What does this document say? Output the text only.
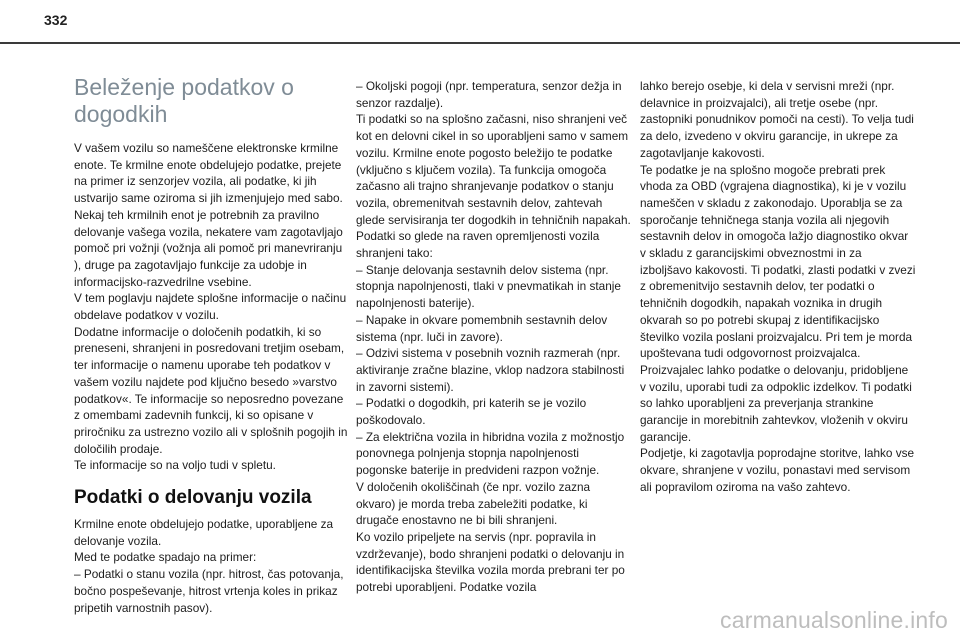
332
Beleženje podatkov o dogodkih

V vašem vozilu so nameščene elektronske krmilne enote. Te krmilne enote obdelujejo podatke, prejete na primer iz senzorjev vozila, ali podatke, ki jih ustvarijo same oziroma si jih izmenjujejo med sabo. Nekaj teh krmilnih enot je potrebnih za pravilno delovanje vašega vozila, nekatere vam zagotavljajo pomoč pri vožnji (vožnja ali pomoč pri manevriranju ), druge pa zagotavljajo funkcije za udobje in informacijsko-razvedrilne vsebine.

V tem poglavju najdete splošne informacije o načinu obdelave podatkov v vozilu.

Dodatne informacije o določenih podatkih, ki so preneseni, shranjeni in posredovani tretjim osebam, ter informacije o namenu uporabe teh podatkov v vašem vozilu najdete pod ključno besedo »varstvo podatkov«. Te informacije so neposredno povezane z omembami zadevnih funkcij, ki so opisane v priročniku za ustrezno vozilo ali v splošnih pogojih in določilih prodaje.

Te informacije so na voljo tudi v spletu.

Podatki o delovanju vozila

Krmilne enote obdelujejo podatke, uporabljene za delovanje vozila.

Med te podatke spadajo na primer:

– Podatki o stanu vozila (npr. hitrost, čas potovanja, bočno pospeševanje, hitrost vrtenja koles in prikaz pripetih varnostnih pasov).

– Okoljski pogoji (npr. temperatura, senzor dežja in senzor razdalje).

Ti podatki so na splošno začasni, niso shranjeni več kot en delovni cikel in so uporabljeni samo v samem vozilu. Krmilne enote pogosto beležijo te podatke (vključno s ključem vozila). Ta funkcija omogoča začasno ali trajno shranjevanje podatkov o stanju vozila, obremenitvah sestavnih delov, zahtevah glede servisiranja ter dogodkih in tehničnih napakah.

Podatki so glede na raven opremljenosti vozila shranjeni tako:

– Stanje delovanja sestavnih delov sistema (npr. stopnja napolnjenosti, tlaki v pnevmatikah in stanje napolnjenosti baterije).

– Napake in okvare pomembnih sestavnih delov sistema (npr. luči in zavore).

– Odzivi sistema v posebnih voznih razmerah (npr. aktiviranje zračne blazine, vklop nadzora stabilnosti in zavorni sistemi).

– Podatki o dogodkih, pri katerih se je vozilo poškodovalo.

– Za električna vozila in hibridna vozila z možnostjo ponovnega polnjenja stopnja napolnjenosti pogonske baterije in predvideni razpon vožnje.

V določenih okoliščinah (če npr. vozilo zazna okvaro) je morda treba zabeležiti podatke, ki drugače enostavno ne bi bili shranjeni.

Ko vozilo pripeljete na servis (npr. popravila in vzdrževanje), bodo shranjeni podatki o delovanju in identifikacijska številka vozila morda prebrani ter po potrebi uporabljeni. Podatke vozila

lahko berejo osebje, ki dela v servisni mreži (npr. delavnice in proizvajalci), ali tretje osebe (npr. zastopniki ponudnikov pomoči na cesti). To velja tudi za delo, izvedeno v okviru garancije, in ukrepe za zagotavljanje kakovosti.

Te podatke je na splošno mogoče prebrati prek vhoda za OBD (vgrajena diagnostika), ki je v vozilu nameščen v skladu z zakonodajo. Uporablja se za sporočanje tehničnega stanja vozila ali njegovih sestavnih delov in omogoča lažjo diagnostiko okvar v skladu z garancijskimi obveznostmi in za izboljšavo kakovosti. Ti podatki, zlasti podatki v zvezi z obremenitvijo sestavnih delov, ter podatki o tehničnih dogodkih, napakah voznika in drugih okvarah so po potrebi skupaj z identifikacijsko številko vozila poslani proizvajalcu. Pri tem je morda upoštevana tudi odgovornost proizvajalca. Proizvajalec lahko podatke o delovanju, pridobljene v vozilu, uporabi tudi za odpoklic izdelkov. Ti podatki so lahko uporabljeni za preverjanja strankine garancije in morebitnih zahtevkov, vloženih v okviru garancije.

Podjetje, ki zagotavlja poprodajne storitve, lahko vse okvare, shranjene v vozilu, ponastavi med servisom ali popravilom oziroma na vašo zahtevo.

carmanualsonline.info
